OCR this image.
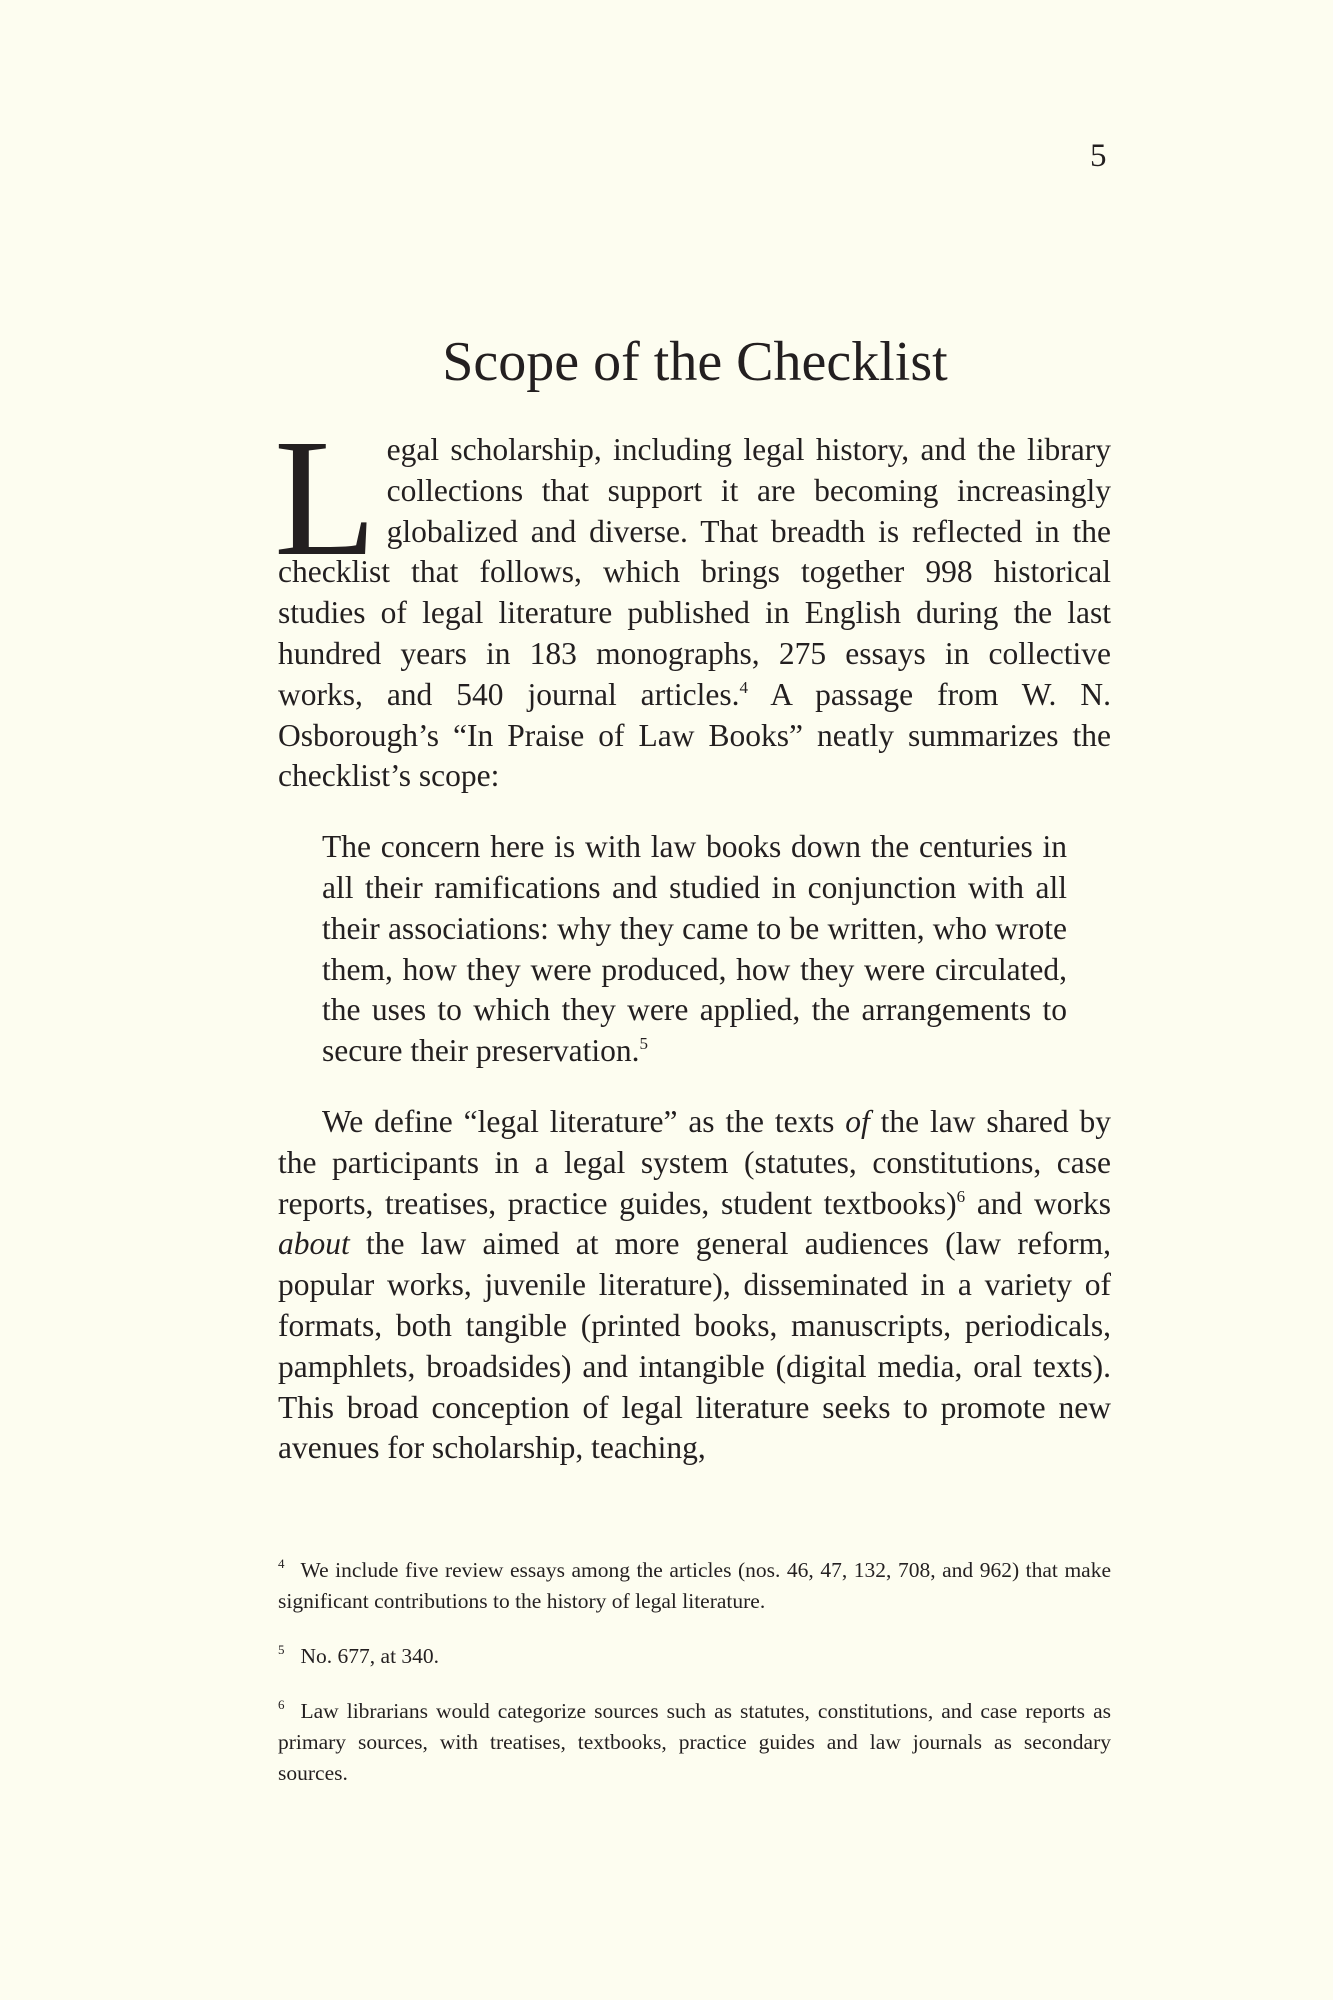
5
Scope of the Checklist

Legal scholarship, including legal history, and the library collections that support it are becoming increasingly globalized and diverse. That breadth is reflected in the checklist that follows, which brings together 998 historical studies of legal literature published in English during the last hundred years in 183 monographs, 275 essays in collective works, and 540 journal articles.$^4$ A passage from W. N. Osborough’s “In Praise of Law Books” neatly summarizes the checklist’s scope:

The concern here is with law books down the centuries in all their ramifications and studied in conjunction with all their associations: why they came to be written, who wrote them, how they were produced, how they were circulated, the uses to which they were applied, the arrangements to secure their preservation.$^5$

We define “legal literature” as the texts of the law shared by the participants in a legal system (statutes, constitutions, case reports, treatises, practice guides, student textbooks)$^6$ and works about the law aimed at more general audiences (law reform, popular works, juvenile literature), disseminated in a variety of formats, both tangible (printed books, manuscripts, periodicals, pamphlets, broadsides) and intangible (digital media, oral texts). This broad conception of legal literature seeks to promote new avenues for scholarship, teaching,

$^4$ We include five review essays among the articles (nos. 46, 47, 132, 708, and 962) that make significant contributions to the history of legal literature.

$^5$ No. 677, at 340.

$^6$ Law librarians would categorize sources such as statutes, constitutions, and case reports as primary sources, with treatises, textbooks, practice guides and law journals as secondary sources.
